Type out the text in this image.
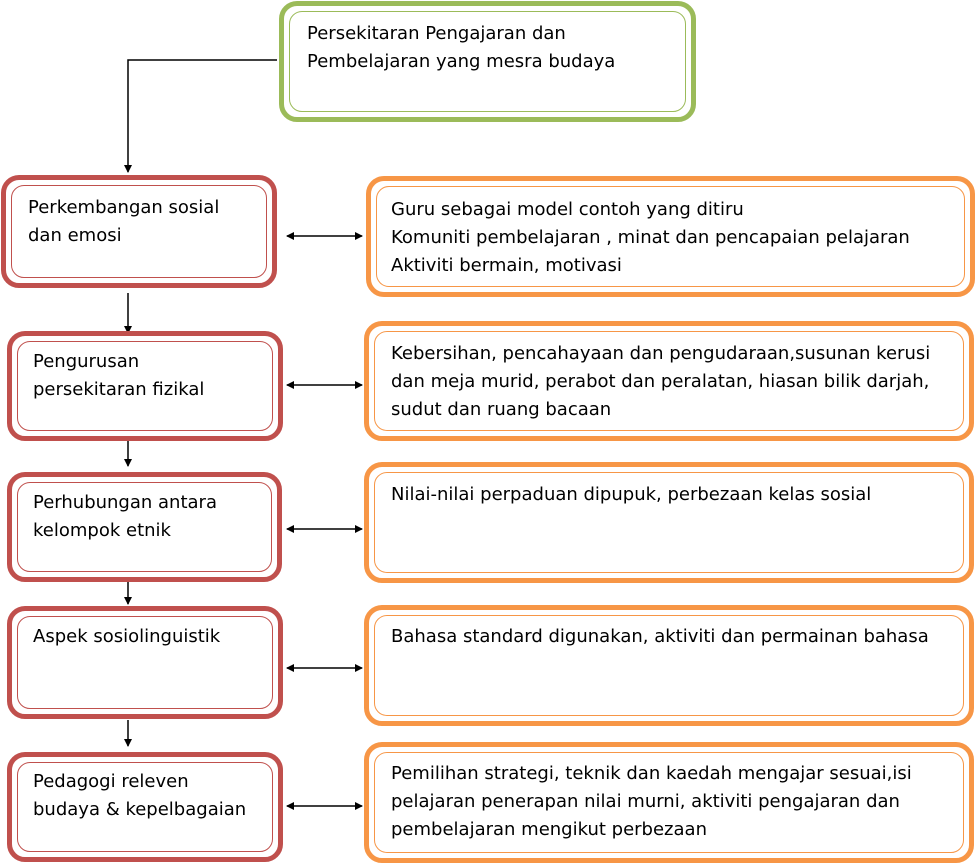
Persekitaran Pengajaran dan
Pembelajaran yang mesra budaya
Perkembangan sosial
dan emosi
Guru sebagai model contoh yang ditiru
Komuniti pembelajaran , minat dan pencapaian pelajaran
Aktiviti bermain, motivasi
Pengurusan
persekitaran fizikal
Kebersihan, pencahayaan dan pengudaraan,susunan kerusi
dan meja murid, perabot dan peralatan, hiasan bilik darjah,
sudut dan ruang bacaan
Perhubungan antara
kelompok etnik
Nilai-nilai perpaduan dipupuk, perbezaan kelas sosial
Aspek sosiolinguistik	Bahasa standard digunakan, aktiviti dan permainan bahasa
Pedagogi releven
budaya & kepelbagaian
Pemilihan strategi, teknik dan kaedah mengajar sesuai,isi
pelajaran penerapan nilai murni, aktiviti pengajaran dan
pembelajaran mengikut perbezaan
